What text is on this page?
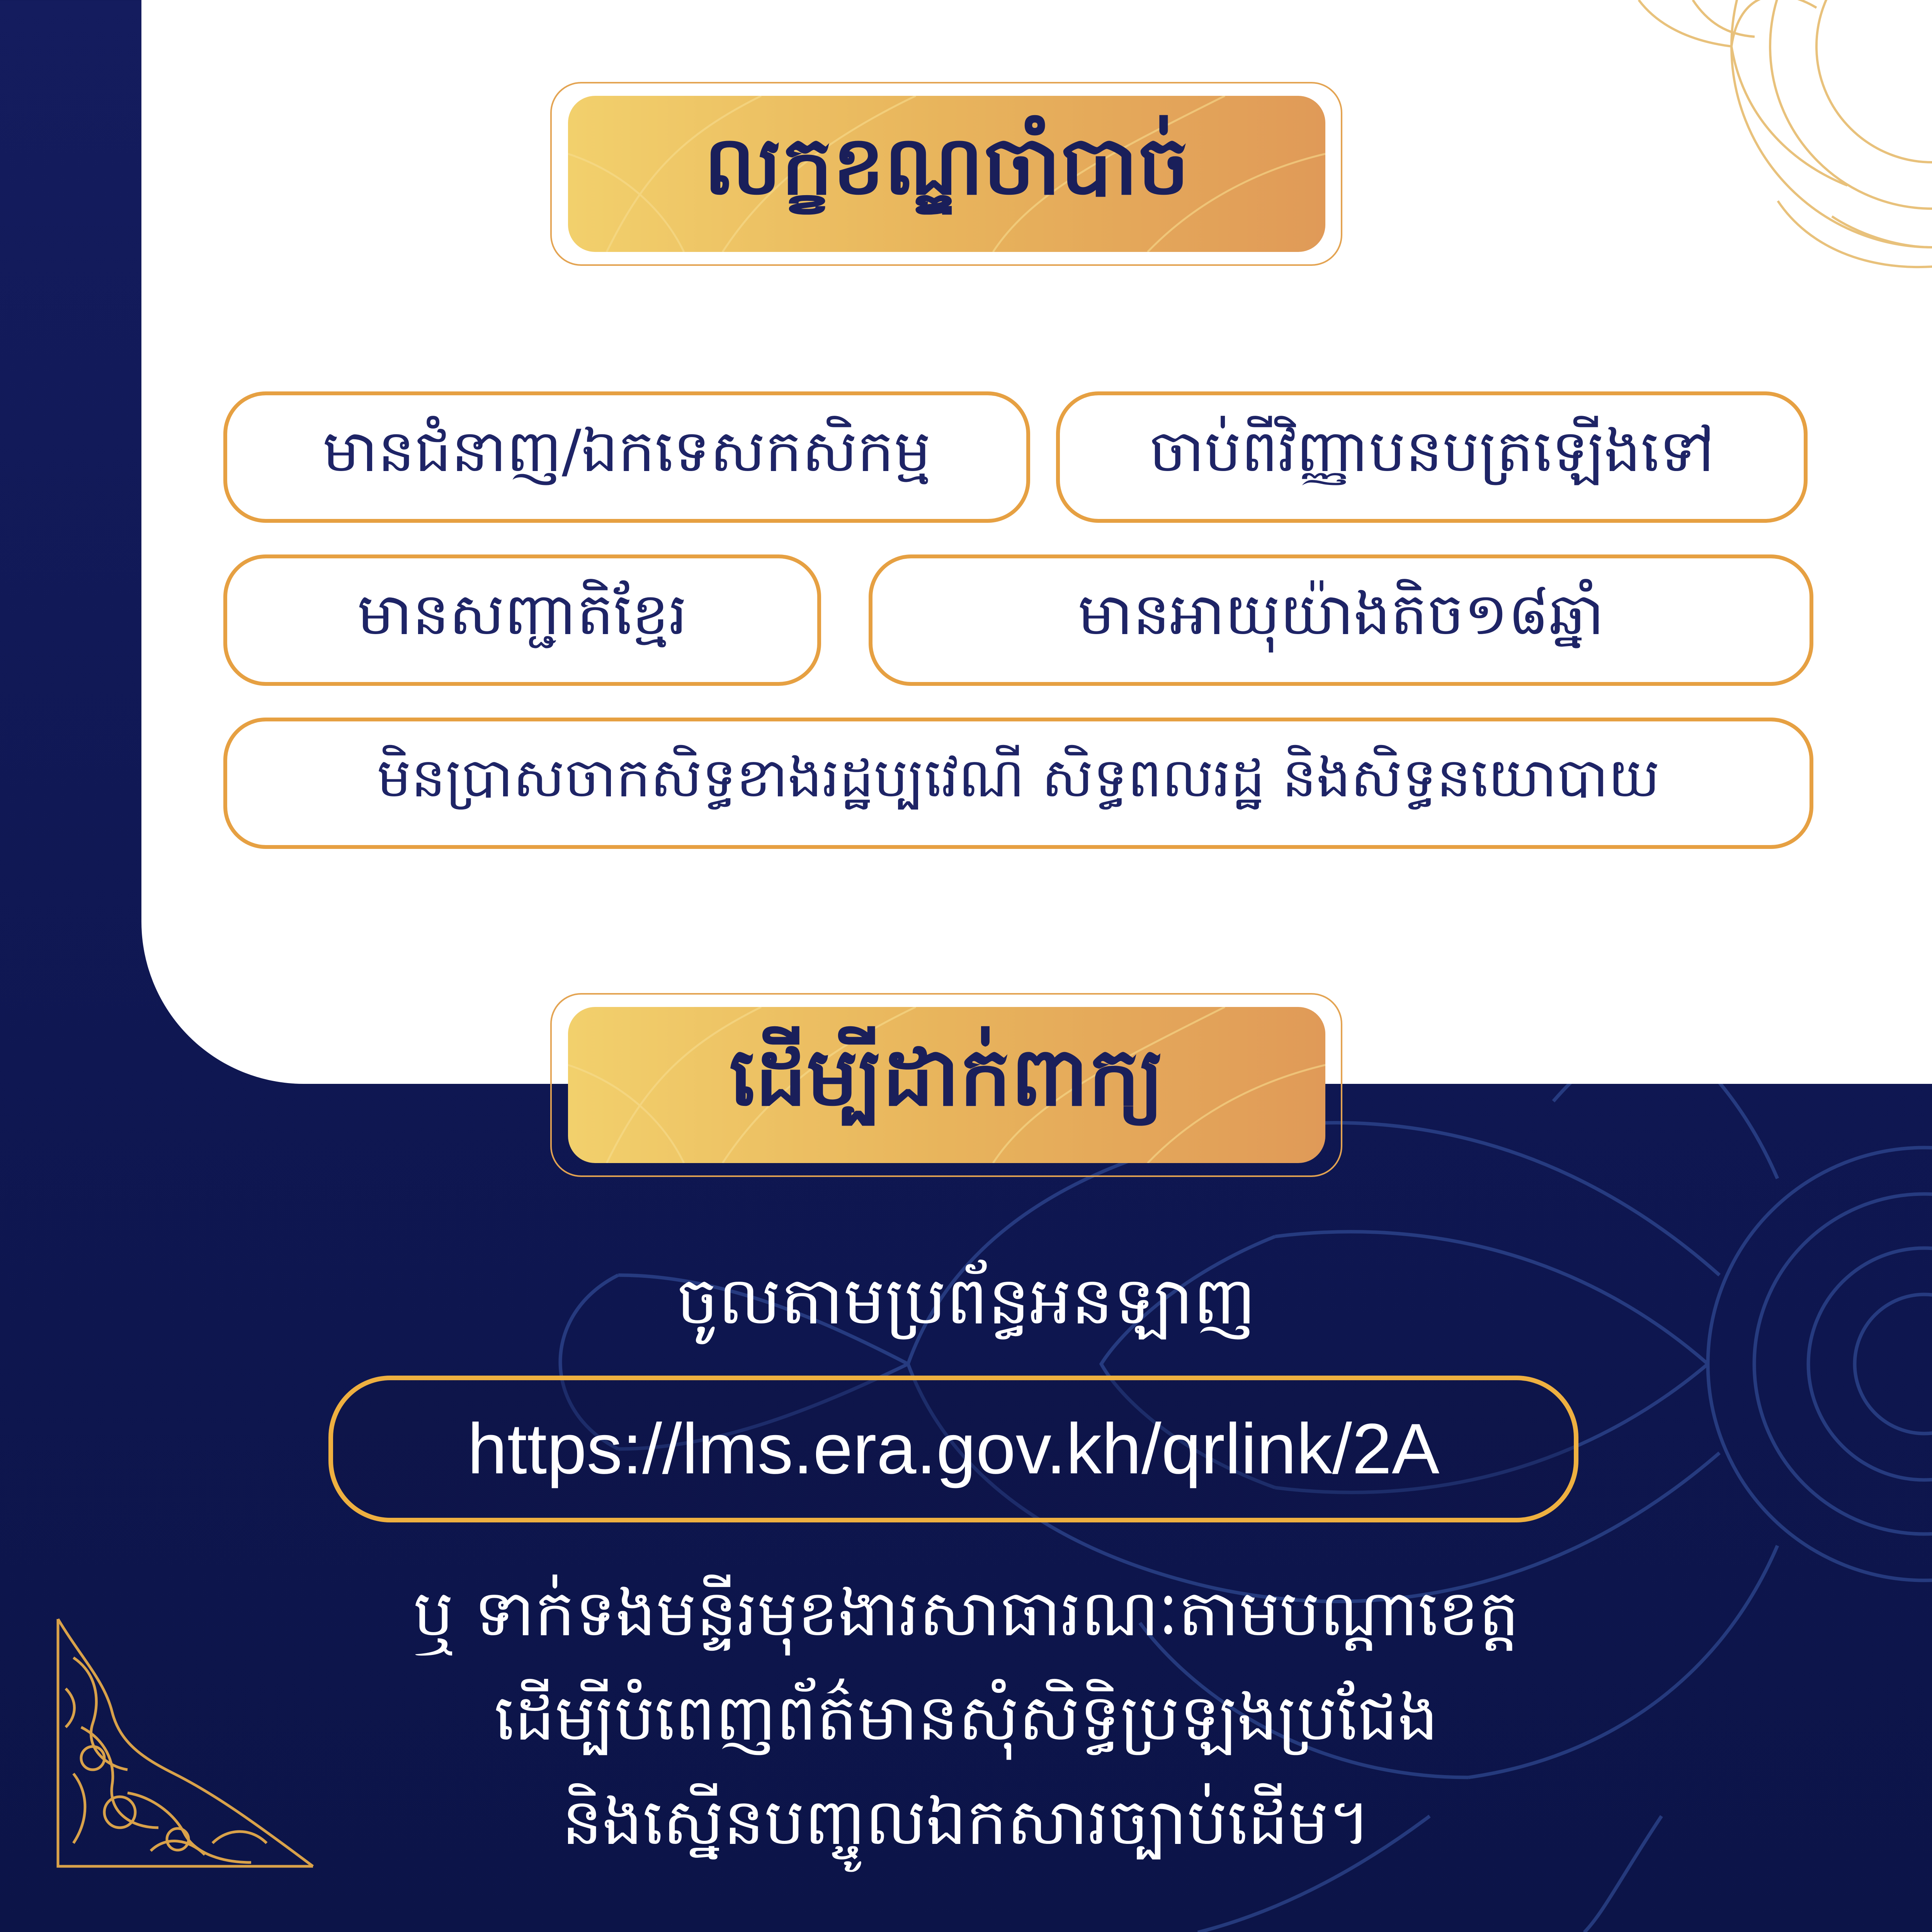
លក្ខខណ្ឌចាំបាច់
មានជំនាញ/ឯកទេសកសិកម្ម	ចាប់ពីវិញ្ញាបនបត្រឡើងទៅ
មានសញ្ជាតិខ្មែរ	មានអាយុយ៉ាងតិច១៨ឆ្នាំ
មិនប្រាសចាកសិទ្ធខាងរដ្ឋប្បវេណី សិទ្ធពលរដ្ឋ និងសិទ្ធនយោបាយ
ដើម្បីដាក់ពាក្យ
ចូលតាមប្រព័ន្ធអនឡាញ
https://lms.era.gov.kh/qrlink/2A
ឬ ទាក់ទងមន្ទីរមុខងារសាធារណៈតាមបណ្ដាខេត្ត
ដើម្បីបំពេញព័ត៌មានសុំសិទ្ធិប្រឡងប្រជែង
និងស្នើនបញ្ចូលឯកសារច្បាប់ដើម។
